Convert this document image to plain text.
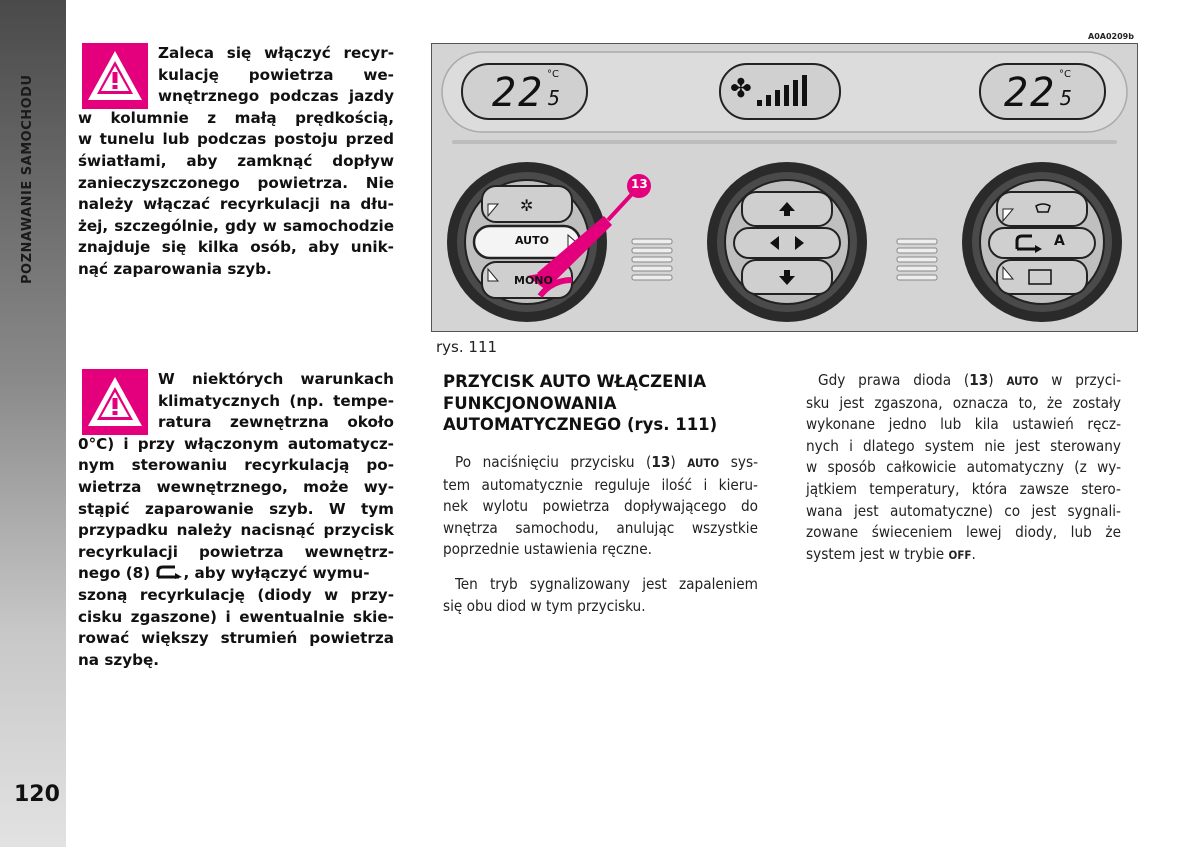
POZNAWANIE SAMOCHODU
120
Zaleca się włączyć recyr-
kulację powietrza we-
wnętrznego podczas jazdy
w kolumnie z małą prędkością,
w tunelu lub podczas postoju przed
światłami, aby zamknąć dopływ
zanieczyszczonego powietrza. Nie
należy włączać recyrkulacji na dłu-
żej, szczególnie, gdy w samochodzie
znajduje się kilka osób, aby unik-
nąć zaparowania szyb.
W niektórych warunkach
klimatycznych (np. tempe-
ratura zewnętrzna około
0°C) i przy włączonym automatycz-
nym sterowaniu recyrkulacją po-
wietrza wewnętrznego, może wy-
stąpić zaparowanie szyb. W tym
przypadku należy nacisnąć przycisk
recyrkulacji powietrza wewnętrz-
nego (8) , aby wyłączyć wymu-
szoną recyrkulację (diody w przy-
cisku zgaszone) i ewentualnie skie-
rować większy strumień powietrza
na szybę.
A0A0209b
22 5
°C	22 5
°C
✤
AUTO
MONO
✲
A
13
rys. 111
PRZYCISK AUTO WŁĄCZENIA
FUNKCJONOWANIA
AUTOMATYCZNEGO (rys. 111)
Po naciśnięciu przycisku (13) AUTO sys-
tem automatycznie reguluje ilość i kieru-
nek wylotu powietrza dopływającego do
wnętrza samochodu, anulując wszystkie
poprzednie ustawienia ręczne.
Ten tryb sygnalizowany jest zapaleniem
się obu diod w tym przycisku.
Gdy prawa dioda (13) AUTO w przyci-
sku jest zgaszona, oznacza to, że zostały
wykonane jedno lub kila ustawień ręcz-
nych i dlatego system nie jest sterowany
w sposób całkowicie automatyczny (z wy-
jątkiem temperatury, która zawsze stero-
wana jest automatyczne) co jest sygnali-
zowane świeceniem lewej diody, lub że
system jest w trybie OFF.
